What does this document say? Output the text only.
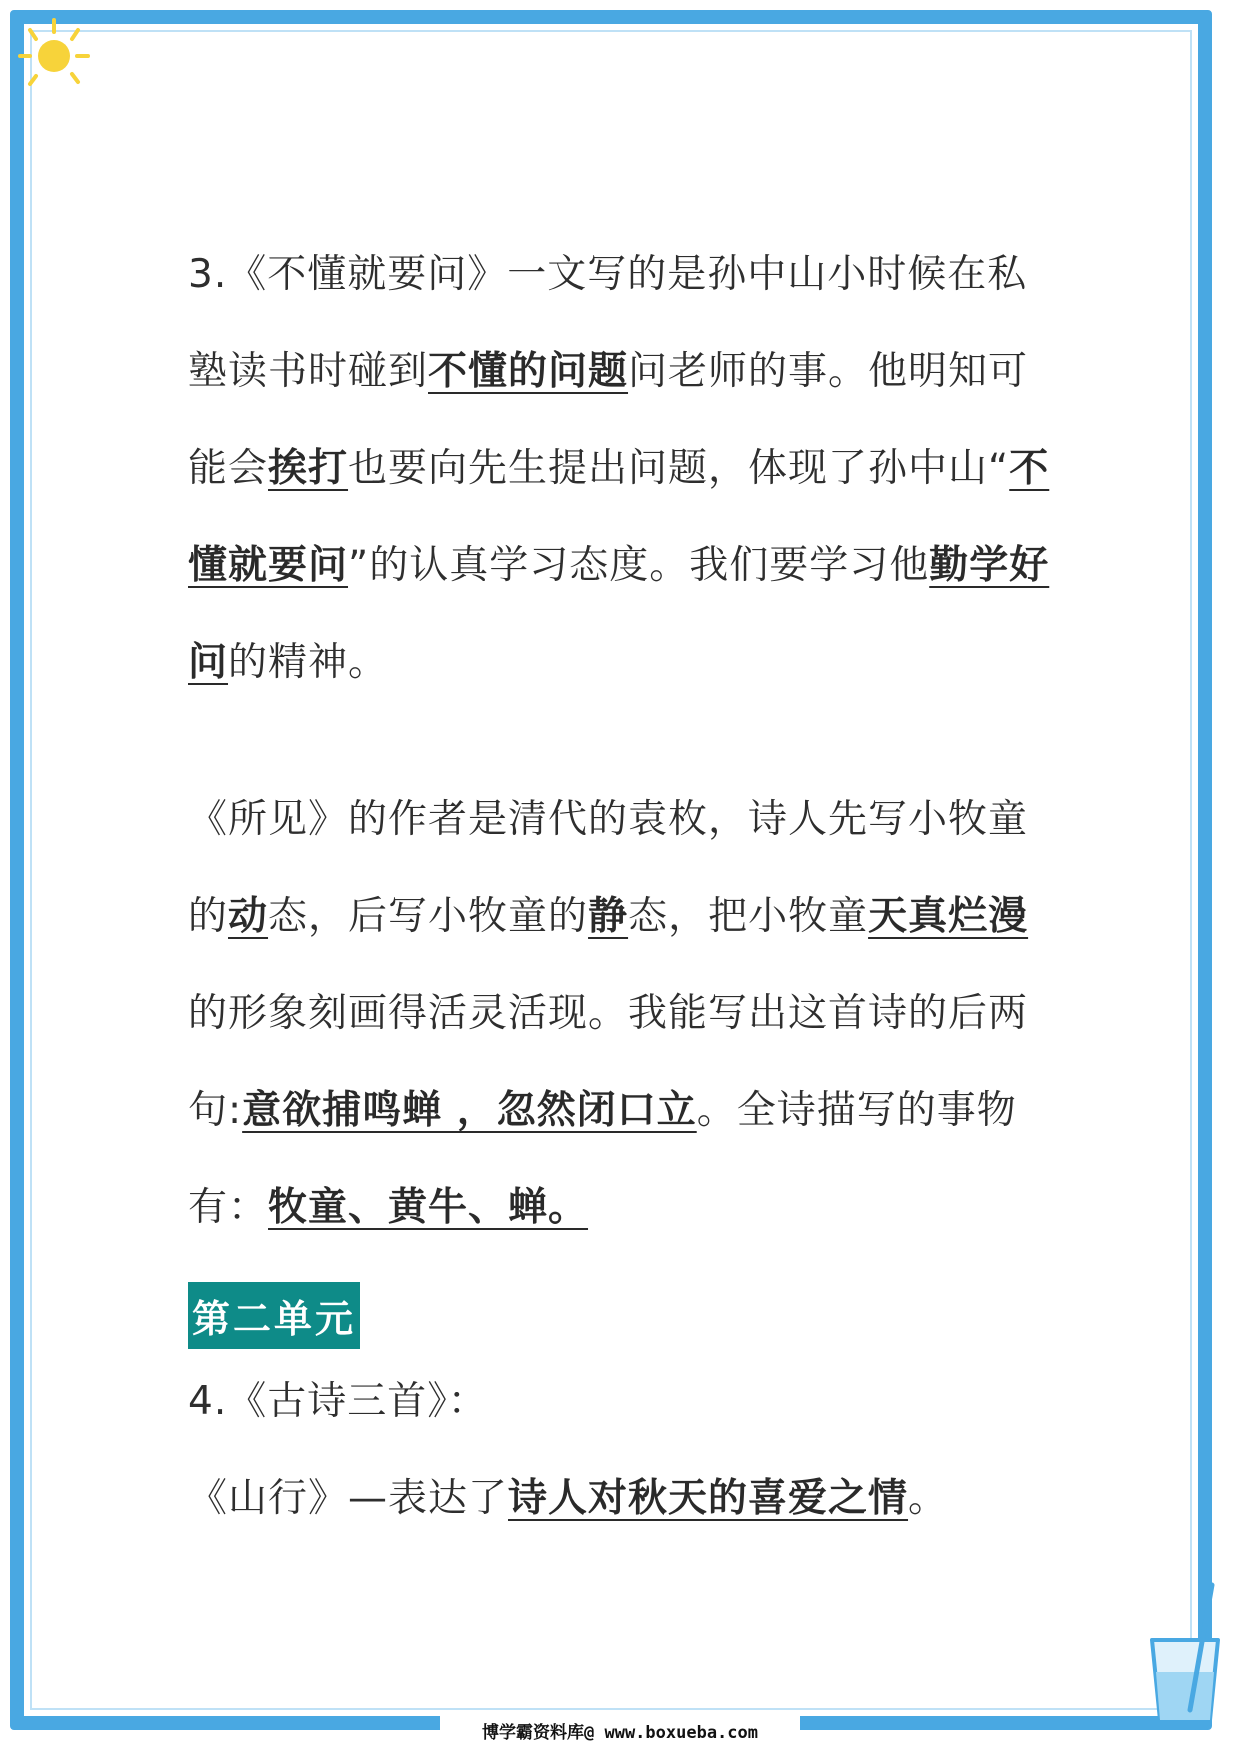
3.《不懂就要问》一文写的是孙中山小时候在私塾读书时碰到不懂的问题问老师的事。他明知可能会挨打也要向先生提出问题，体现了孙中山“不懂就要问”的认真学习态度。我们要学习他勤学好问的精神。

《所见》的作者是清代的袁枚，诗人先写小牧童的动态，后写小牧童的静态，把小牧童天真烂漫的形象刻画得活灵活现。我能写出这首诗的后两句:意欲捕鸣蝉 ，忽然闭口立。全诗描写的事物有：牧童、黄牛、蝉。

第二单元

4.《古诗三首》：

《山行》—表达了诗人对秋天的喜爱之情。

博学霸资料库@ www.boxueba.com
